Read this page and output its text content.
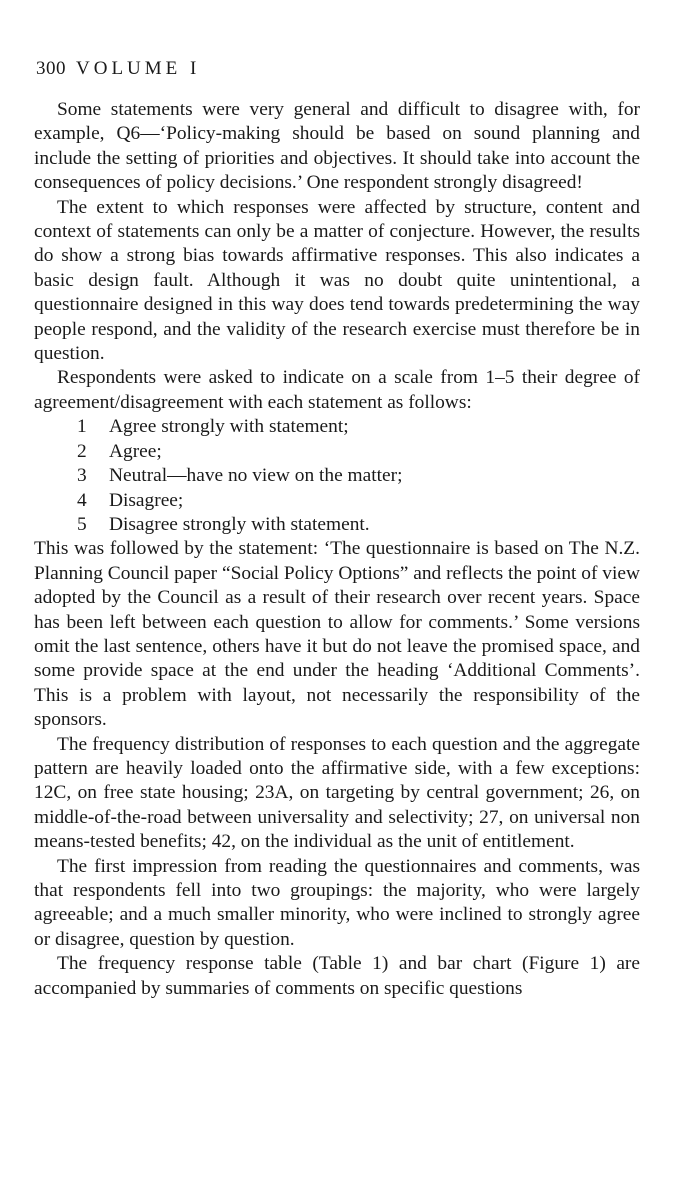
300 VOLUME I

Some statements were very general and difficult to disagree with, for example, Q6—‘Policy-making should be based on sound planning and include the setting of priorities and objectives. It should take into account the consequences of policy decisions.’ One respondent strongly disagreed!

The extent to which responses were affected by structure, content and context of statements can only be a matter of conjecture. However, the results do show a strong bias towards affirmative responses. This also indicates a basic design fault. Although it was no doubt quite unintentional, a questionnaire designed in this way does tend towards predetermining the way people respond, and the validity of the research exercise must therefore be in question.

Respondents were asked to indicate on a scale from 1–5 their degree of agreement/disagreement with each statement as follows:

1 Agree strongly with statement;
2 Agree;
3 Neutral—have no view on the matter;
4 Disagree;
5 Disagree strongly with statement.

This was followed by the statement: ‘The questionnaire is based on The N.Z. Planning Council paper “Social Policy Options” and reflects the point of view adopted by the Council as a result of their research over recent years. Space has been left between each question to allow for comments.’ Some versions omit the last sentence, others have it but do not leave the promised space, and some provide space at the end under the heading ‘Additional Comments’. This is a problem with layout, not necessarily the responsibility of the sponsors.

The frequency distribution of responses to each question and the aggregate pattern are heavily loaded onto the affirmative side, with a few exceptions: 12C, on free state housing; 23A, on targeting by central government; 26, on middle-of-the-road between universality and selectivity; 27, on universal non means-tested benefits; 42, on the individual as the unit of entitlement.

The first impression from reading the questionnaires and comments, was that respondents fell into two groupings: the majority, who were largely agreeable; and a much smaller minority, who were inclined to strongly agree or disagree, question by question.

The frequency response table (Table 1) and bar chart (Figure 1) are accompanied by summaries of comments on specific questions
